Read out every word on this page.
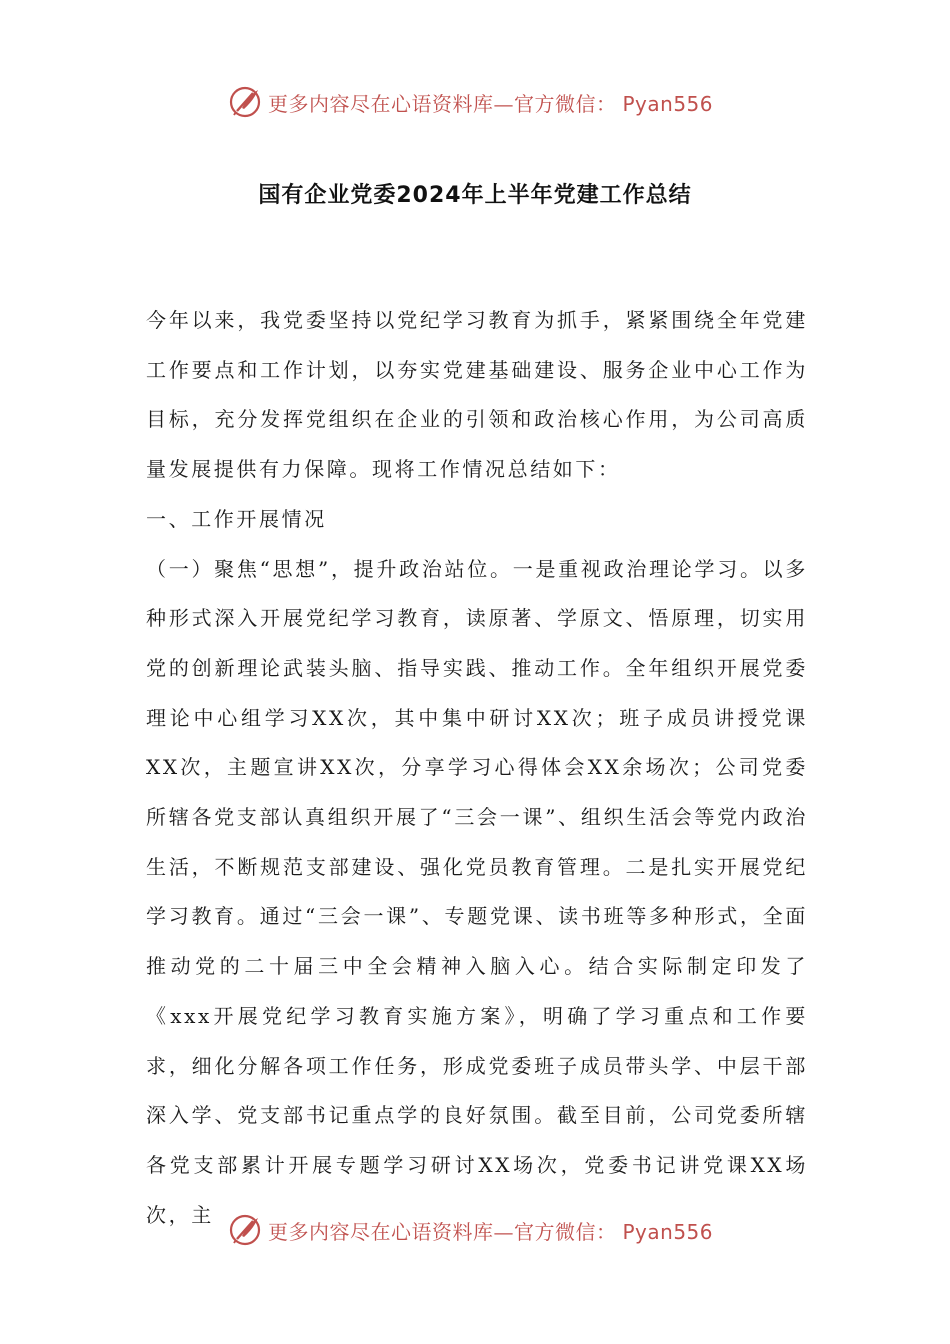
更多内容尽在心语资料库—官方微信： Pyan556
国有企业党委2024年上半年党建工作总结

今年以来，我党委坚持以党纪学习教育为抓手，紧紧围绕全年党建工作要点和工作计划，以夯实党建基础建设、服务企业中心工作为目标，充分发挥党组织在企业的引领和政治核心作用，为公司高质量发展提供有力保障。现将工作情况总结如下：

一、工作开展情况

（一）聚焦“思想”，提升政治站位。一是重视政治理论学习。以多种形式深入开展党纪学习教育，读原著、学原文、悟原理，切实用党的创新理论武装头脑、指导实践、推动工作。全年组织开展党委理论中心组学习XX次，其中集中研讨XX次；班子成员讲授党课XX次，主题宣讲XX次，分享学习心得体会XX余场次；公司党委所辖各党支部认真组织开展了“三会一课”、组织生活会等党内政治生活，不断规范支部建设、强化党员教育管理。二是扎实开展党纪学习教育。通过“三会一课”、专题党课、读书班等多种形式，全面推动党的二十届三中全会精神入脑入心。结合实际制定印发了《xxx开展党纪学习教育实施方案》，明确了学习重点和工作要求，细化分解各项工作任务，形成党委班子成员带头学、中层干部深入学、党支部书记重点学的良好氛围。截至目前，公司党委所辖各党支部累计开展专题学习研讨XX场次，党委书记讲党课XX场次，主

更多内容尽在心语资料库—官方微信： Pyan556
